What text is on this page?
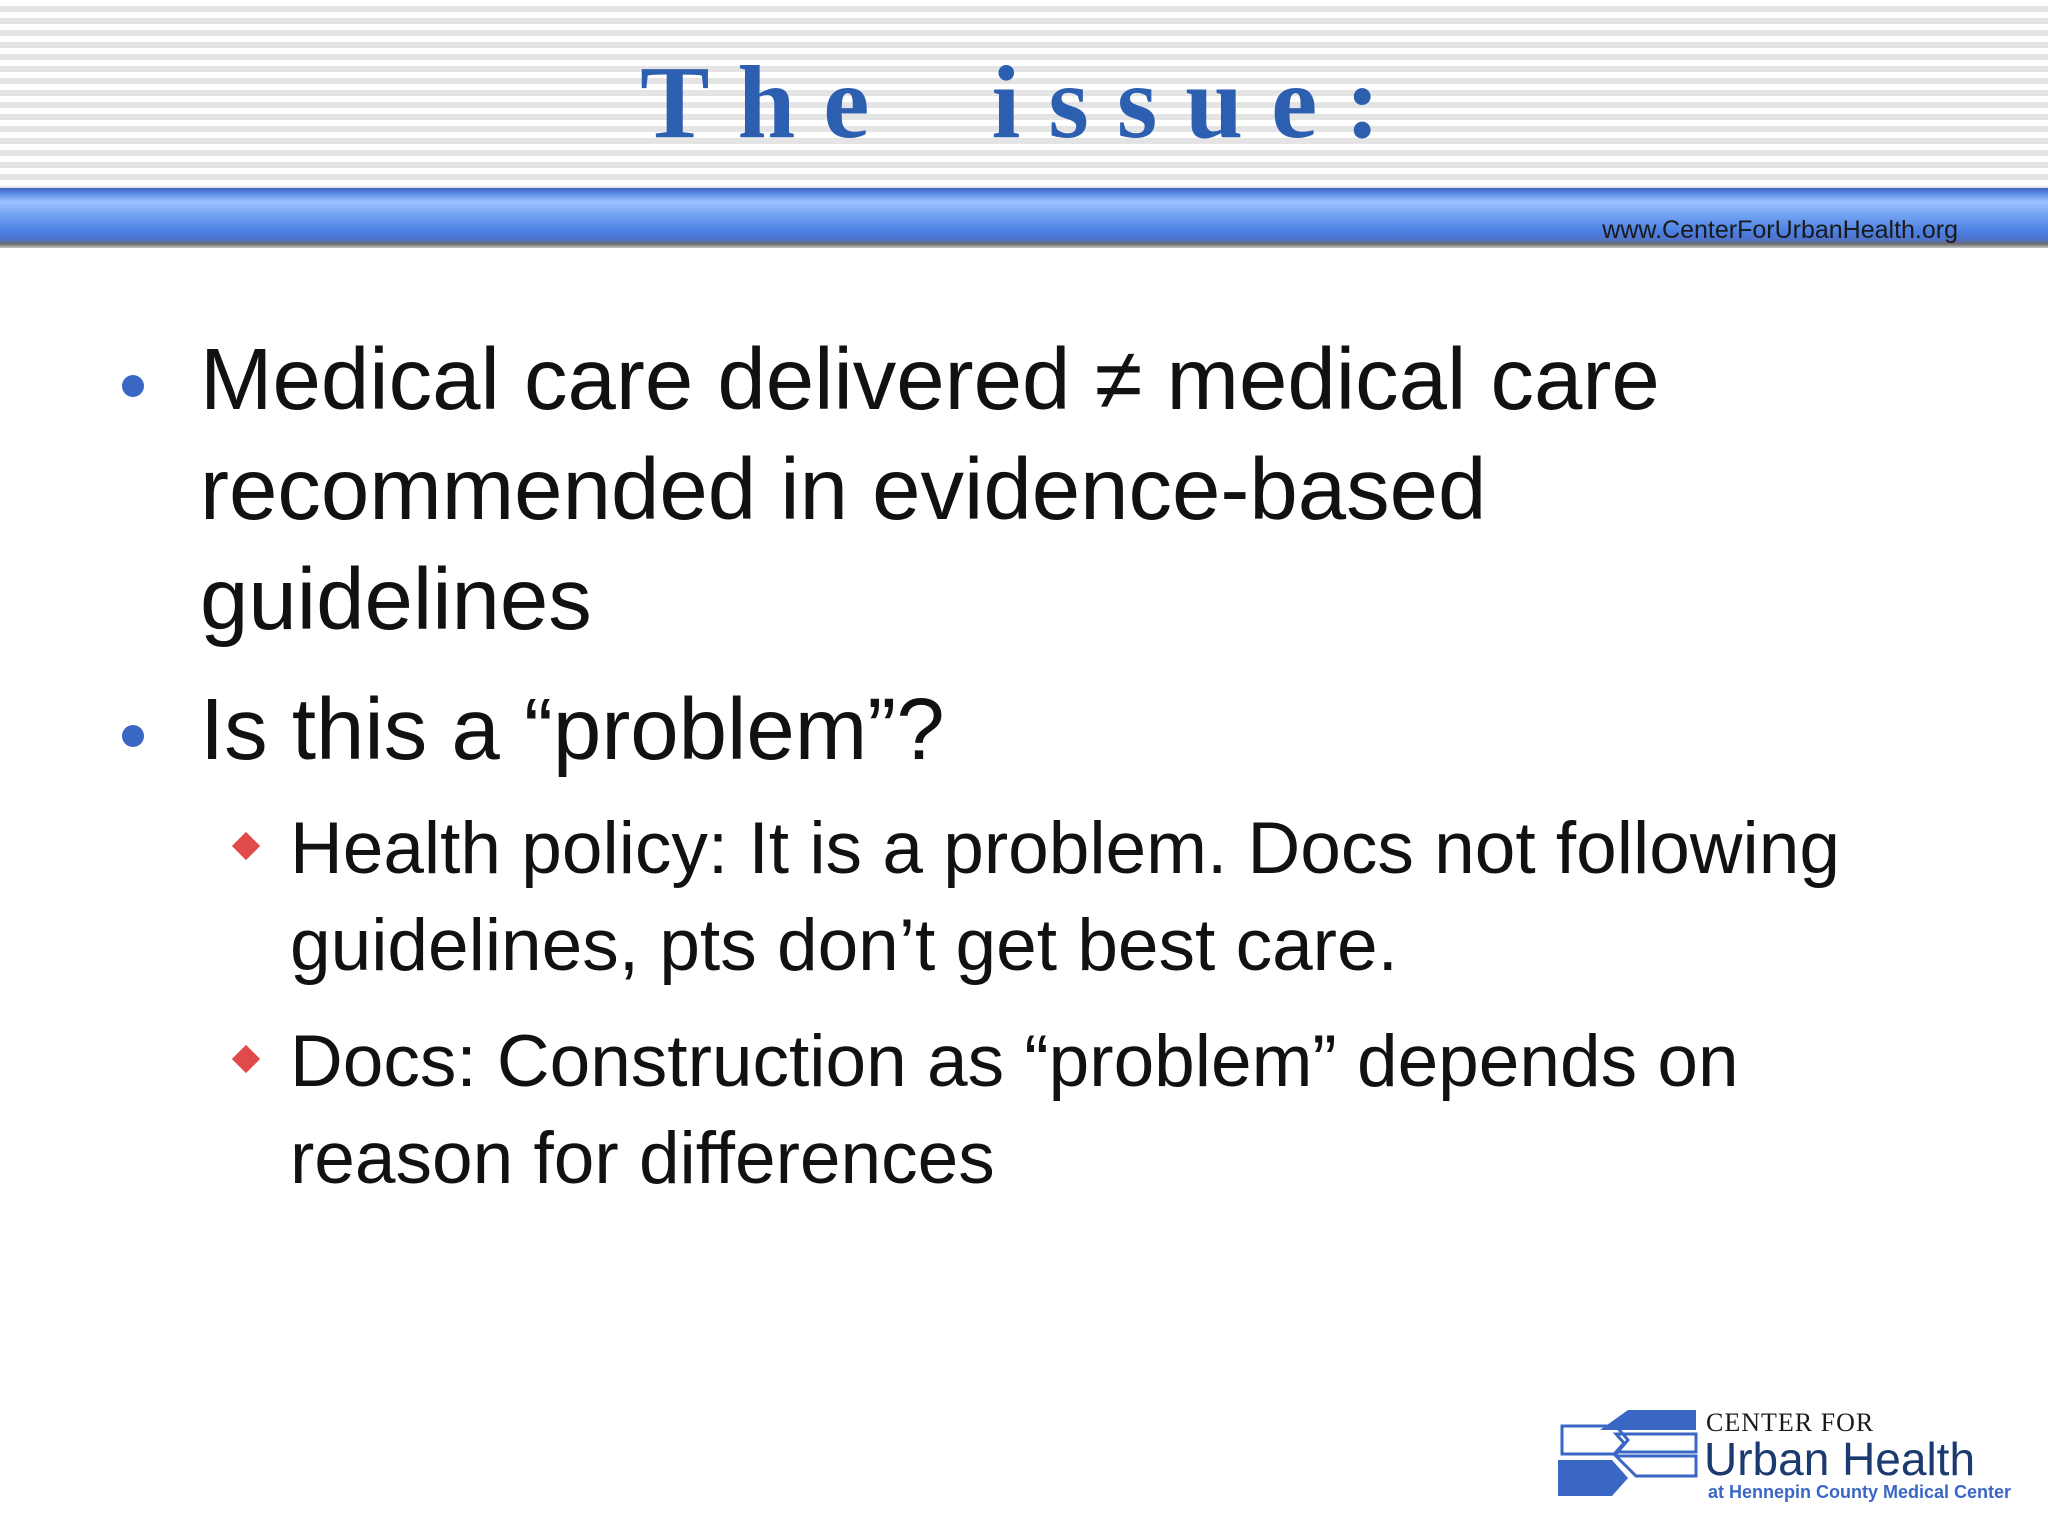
The issue:
www.CenterForUrbanHealth.org
Medical care delivered ≠ medical care recommended in evidence-based guidelines
Is this a “problem”?
Health policy: It is a problem. Docs not following guidelines, pts don’t get best care.
Docs: Construction as “problem” depends on reason for differences
CENTER FOR
Urban Health
at Hennepin County Medical Center
